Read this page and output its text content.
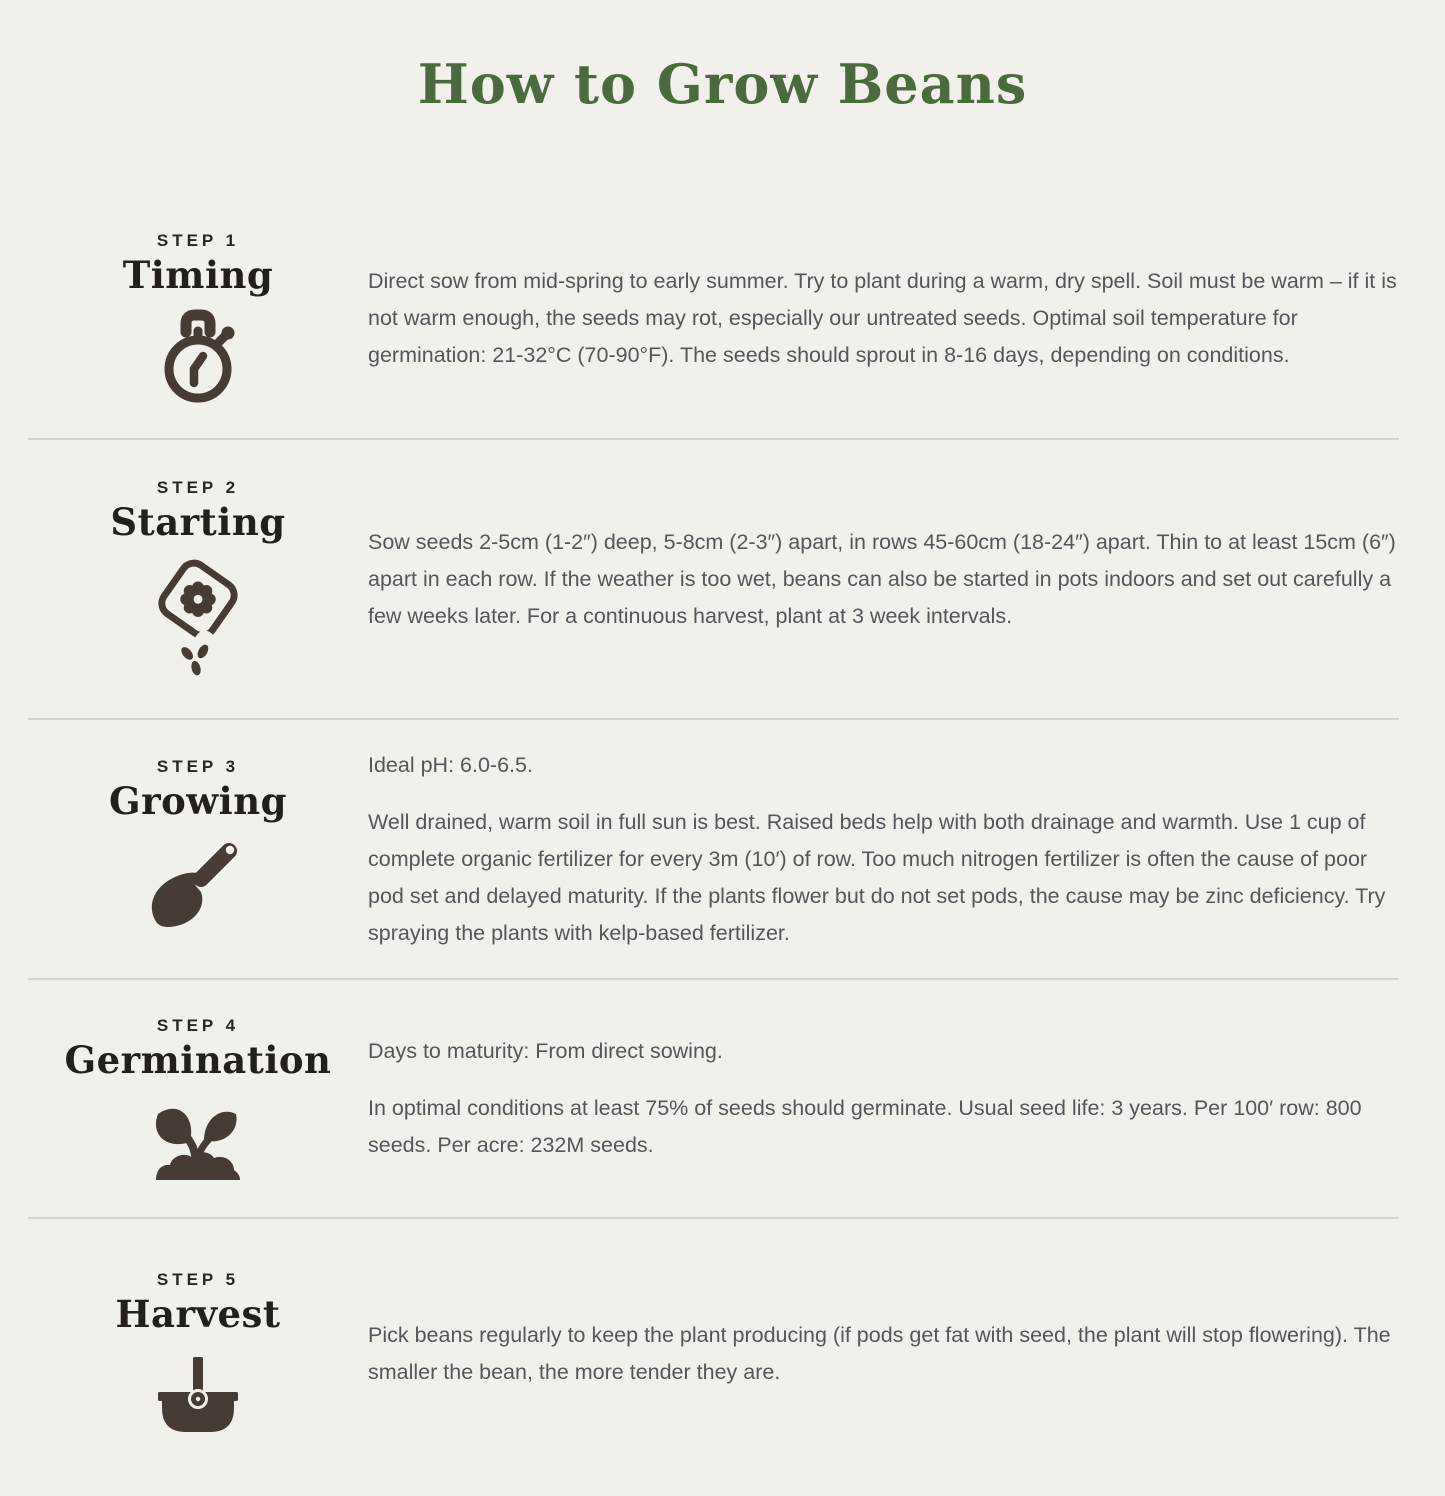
How to Grow Beans
STEP 1
Timing	Direct sow from mid-spring to early summer. Try to plant during a warm, dry spell. Soil must be warm – if it is not warm enough, the seeds may rot, especially our untreated seeds. Optimal soil temperature for germination: 21-32°C (70-90°F). The seeds should sprout in 8-16 days, depending on conditions.

STEP 2
Starting	Sow seeds 2-5cm (1-2″) deep, 5-8cm (2-3″) apart, in rows 45-60cm (18-24″) apart. Thin to at least 15cm (6″) apart in each row. If the weather is too wet, beans can also be started in pots indoors and set out carefully a few weeks later. For a continuous harvest, plant at 3 week intervals.

STEP 3
Growing

Ideal pH: 6.0-6.5.

Well drained, warm soil in full sun is best. Raised beds help with both drainage and warmth. Use 1 cup of complete organic fertilizer for every 3m (10′) of row. Too much nitrogen fertilizer is often the cause of poor pod set and delayed maturity. If the plants flower but do not set pods, the cause may be zinc deficiency. Try spraying the plants with kelp-based fertilizer.

STEP 4
Germination Days to maturity: From direct sowing.

In optimal conditions at least 75% of seeds should germinate. Usual seed life: 3 years. Per 100′ row: 800 seeds. Per acre: 232M seeds.

STEP 5
Harvest	Pick beans regularly to keep the plant producing (if pods get fat with seed, the plant will stop flowering). The smaller the bean, the more tender they are.
